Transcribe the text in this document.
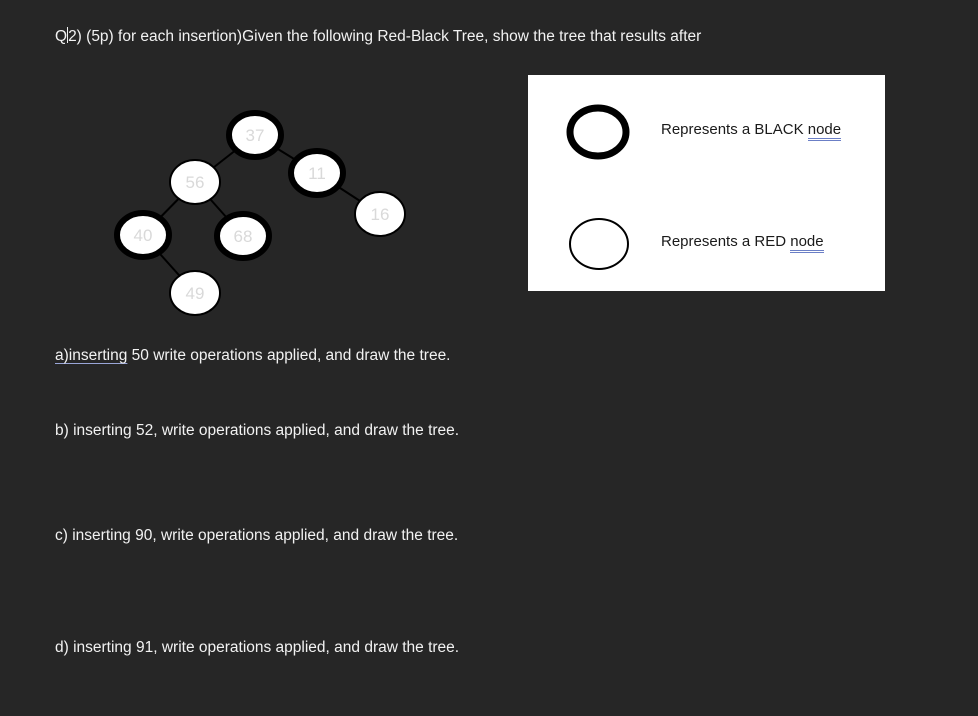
Q2) (5p) for each insertion)Given the following Red-Black Tree, show the tree that results after
37
56	11
16
40	68
49
Represents a BLACK node
Represents a RED node
a)inserting 50 write operations applied, and draw the tree.
b) inserting 52, write operations applied, and draw the tree.
c) inserting 90, write operations applied, and draw the tree.
d) inserting 91, write operations applied, and draw the tree.
